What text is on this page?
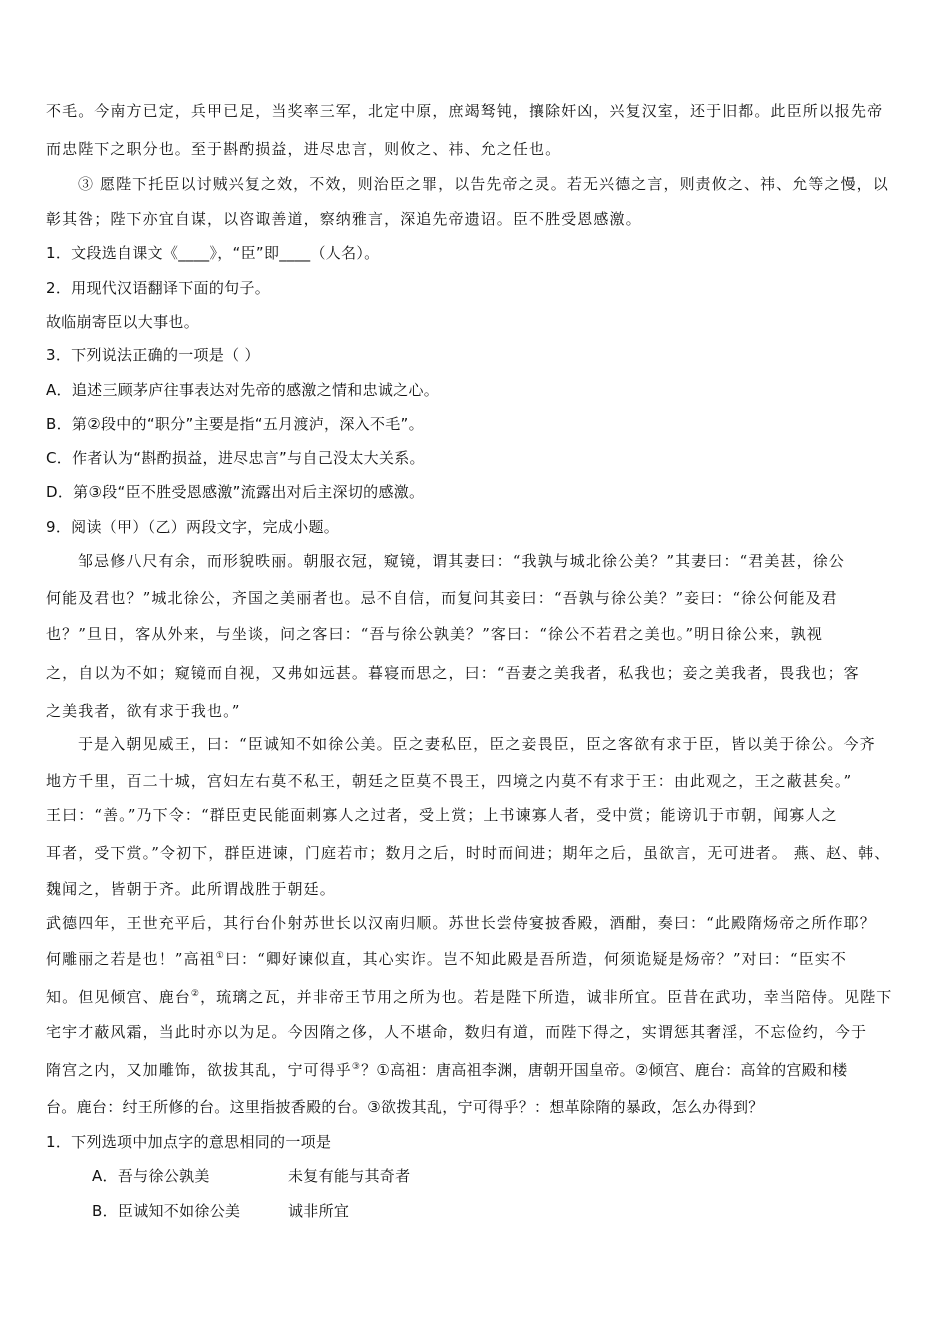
不毛。今南方已定，兵甲已足，当奖率三军，北定中原，庶竭驽钝，攘除奸凶，兴复汉室，还于旧都。此臣所以报先帝
而忠陛下之职分也。至于斟酌损益，进尽忠言，则攸之、祎、允之任也。
③ 愿陛下托臣以讨贼兴复之效，不效，则治臣之罪，以告先帝之灵。若无兴德之言，则责攸之、祎、允等之慢，以
彰其咎；陛下亦宜自谋，以咨诹善道，察纳雅言，深追先帝遗诏。臣不胜受恩感激。
1．文段选自课文《____》，“臣”即____（人名）。
2．用现代汉语翻译下面的句子。
故临崩寄臣以大事也。
3．下列说法正确的一项是（ ）
A．追述三顾茅庐往事表达对先帝的感激之情和忠诚之心。
B．第②段中的“职分”主要是指“五月渡泸，深入不毛”。
C．作者认为“斟酌损益，进尽忠言”与自己没太大关系。
D．第③段“臣不胜受恩感激”流露出对后主深切的感激。
9．阅读（甲）（乙）两段文字，完成小题。
邹忌修八尺有余，而形貌昳丽。朝服衣冠，窥镜，谓其妻曰：“我孰与城北徐公美？”其妻曰：“君美甚，徐公
何能及君也？”城北徐公，齐国之美丽者也。忌不自信，而复问其妾曰：“吾孰与徐公美？”妾曰：“徐公何能及君
也？”旦日，客从外来，与坐谈，问之客曰：“吾与徐公孰美？”客曰：“徐公不若君之美也。”明日徐公来，孰视
之，自以为不如；窥镜而自视，又弗如远甚。暮寝而思之，曰：“吾妻之美我者，私我也；妾之美我者，畏我也；客
之美我者，欲有求于我也。”
于是入朝见威王，曰：“臣诚知不如徐公美。臣之妻私臣，臣之妾畏臣，臣之客欲有求于臣，皆以美于徐公。今齐
地方千里，百二十城，宫妇左右莫不私王，朝廷之臣莫不畏王，四境之内莫不有求于王：由此观之，王之蔽甚矣。”
王曰：“善。”乃下令：“群臣吏民能面刺寡人之过者，受上赏；上书谏寡人者，受中赏；能谤讥于市朝，闻寡人之
耳者，受下赏。”令初下，群臣进谏，门庭若市；数月之后，时时而间进；期年之后，虽欲言，无可进者。 燕、赵、韩、
魏闻之，皆朝于齐。此所谓战胜于朝廷。
武德四年，王世充平后，其行台仆射苏世长以汉南归顺。苏世长尝侍宴披香殿，酒酣，奏曰：“此殿隋炀帝之所作耶？
何雕丽之若是也！”高祖①曰：“卿好谏似直，其心实诈。岂不知此殿是吾所造，何须诡疑是炀帝？”对曰：“臣实不
知。但见倾宫、鹿台②，琉璃之瓦，并非帝王节用之所为也。若是陛下所造，诚非所宜。臣昔在武功，幸当陪侍。见陛下
宅宇才蔽风霜，当此时亦以为足。今因隋之侈，人不堪命，数归有道，而陛下得之，实谓惩其奢淫，不忘俭约，今于
隋宫之内，又加雕饰，欲拔其乱，宁可得乎③？①高祖：唐高祖李渊，唐朝开国皇帝。②倾宫、鹿台：高耸的宫殿和楼
台。鹿台：纣王所修的台。这里指披香殿的台。③欲拨其乱，宁可得乎？：想革除隋的暴政，怎么办得到？
1．下列选项中加点字的意思相同的一项是
A．吾与徐公孰美	未复有能与其奇者
B．臣诚知不如徐公美	诚非所宜
